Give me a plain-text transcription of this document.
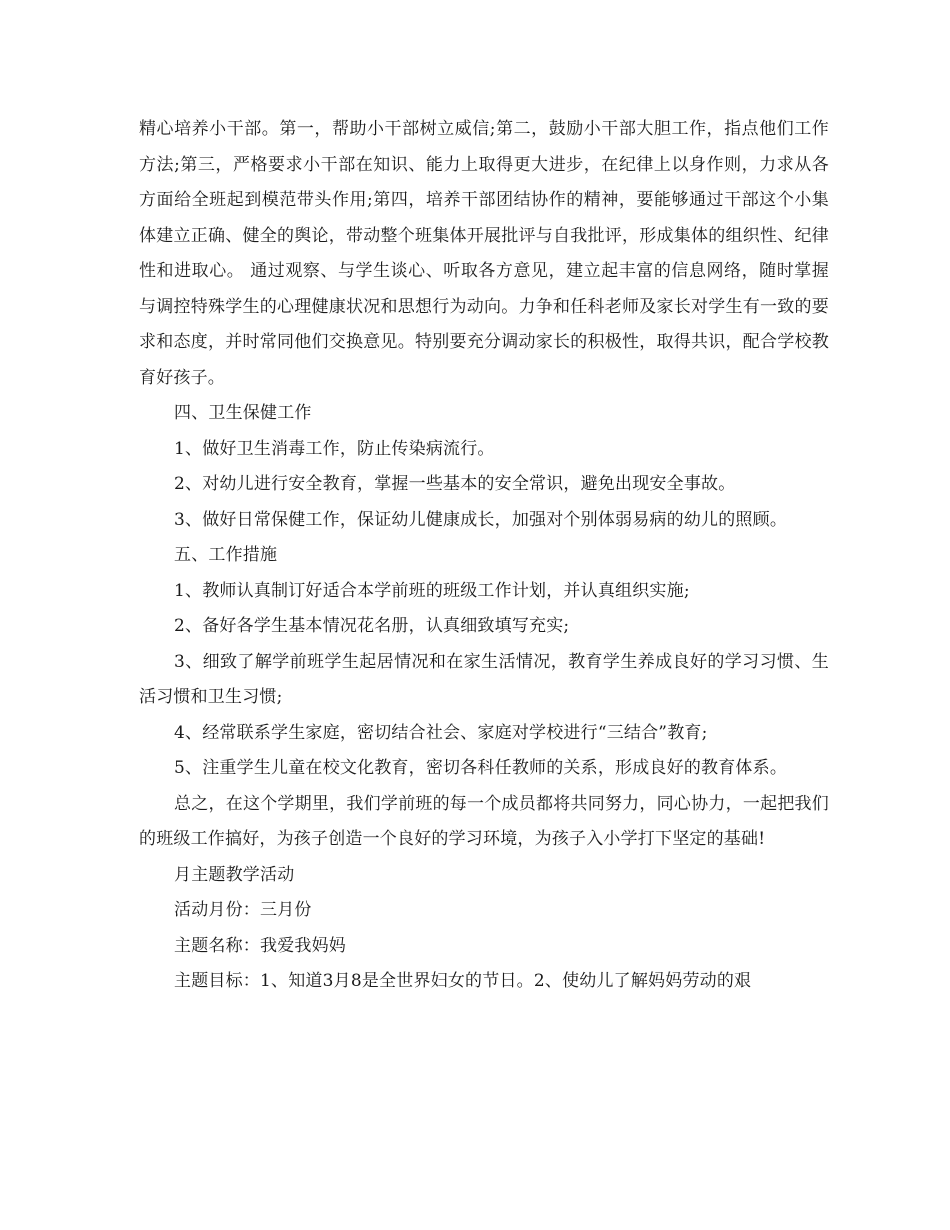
精心培养小干部。第一，帮助小干部树立威信;第二，鼓励小干部大胆工作，指点他们工作方法;第三，严格要求小干部在知识、能力上取得更大进步，在纪律上以身作则，力求从各方面给全班起到模范带头作用;第四，培养干部团结协作的精神，要能够通过干部这个小集体建立正确、健全的舆论，带动整个班集体开展批评与自我批评，形成集体的组织性、纪律性和进取心。 通过观察、与学生谈心、听取各方意见，建立起丰富的信息网络，随时掌握与调控特殊学生的心理健康状况和思想行为动向。力争和任科老师及家长对学生有一致的要求和态度，并时常同他们交换意见。特别要充分调动家长的积极性，取得共识，配合学校教育好孩子。

四、卫生保健工作

1、做好卫生消毒工作，防止传染病流行。

2、对幼儿进行安全教育，掌握一些基本的安全常识，避免出现安全事故。

3、做好日常保健工作，保证幼儿健康成长，加强对个别体弱易病的幼儿的照顾。

五、工作措施

1、教师认真制订好适合本学前班的班级工作计划，并认真组织实施;

2、备好各学生基本情况花名册，认真细致填写充实;

3、细致了解学前班学生起居情况和在家生活情况，教育学生养成良好的学习习惯、生活习惯和卫生习惯;

4、经常联系学生家庭，密切结合社会、家庭对学校进行“三结合”教育;

5、注重学生儿童在校文化教育，密切各科任教师的关系，形成良好的教育体系。

总之，在这个学期里，我们学前班的每一个成员都将共同努力，同心协力，一起把我们的班级工作搞好，为孩子创造一个良好的学习环境，为孩子入小学打下坚定的基础!

月主题教学活动

活动月份：三月份

主题名称：我爱我妈妈

主题目标：1、知道3月8是全世界妇女的节日。2、使幼儿了解妈妈劳动的艰
